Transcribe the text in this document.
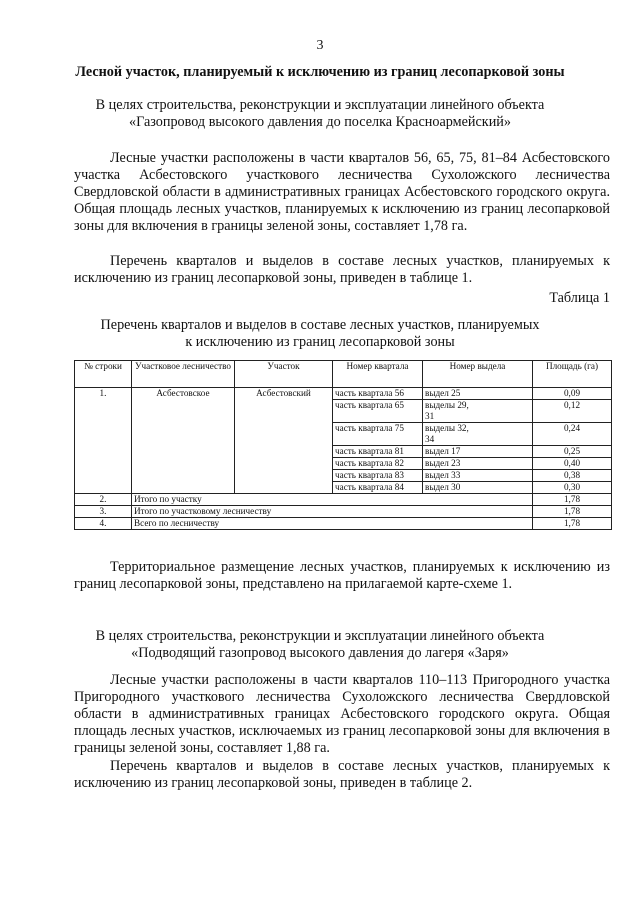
3
Лесной участок, планируемый к исключению из границ лесопарковой зоны
В целях строительства, реконструкции и эксплуатации линейного объекта
«Газопровод высокого давления до поселка Красноармейский»

Лесные участки расположены в части кварталов 56, 65, 75, 81–84 Асбестовского участка Асбестовского участкового лесничества Сухоложского лесничества Свердловской области в административных границах Асбестовского городского округа. Общая площадь лесных участков, планируемых к исключению из границ лесопарковой зоны для включения в границы зеленой зоны, составляет 1,78 га.

Перечень кварталов и выделов в составе лесных участков, планируемых к исключению из границ лесопарковой зоны, приведен в таблице 1.

Таблица 1
Перечень кварталов и выделов в составе лесных участков, планируемых
к исключению из границ лесопарковой зоны
№ строки	Участковое лесничество	Участок	Номер квартала	Номер выдела	Площадь (га)
1.	Асбестовское	Асбестовский	часть квартала 56	выдел 25	0,09
			часть квартала 65	выделы 29, 31	0,12
			часть квартала 75	выделы 32, 34	0,24
			часть квартала 81	выдел 17	0,25
			часть квартала 82	выдел 23	0,40
			часть квартала 83	выдел 33	0,38
			часть квартала 84	выдел 30	0,30
2.	Итого по участку				1,78
3.	Итого по участковому лесничеству				1,78
4.	Всего по лесничеству				1,78

Территориальное размещение лесных участков, планируемых к исключению из границ лесопарковой зоны, представлено на прилагаемой карте-схеме 1.

В целях строительства, реконструкции и эксплуатации линейного объекта
«Подводящий газопровод высокого давления до лагеря «Заря»

Лесные участки расположены в части кварталов 110–113 Пригородного участка Пригородного участкового лесничества Сухоложского лесничества Свердловской области в административных границах Асбестовского городского округа. Общая площадь лесных участков, исключаемых из границ лесопарковой зоны для включения в границы зеленой зоны, составляет 1,88 га.

Перечень кварталов и выделов в составе лесных участков, планируемых к исключению из границ лесопарковой зоны, приведен в таблице 2.
